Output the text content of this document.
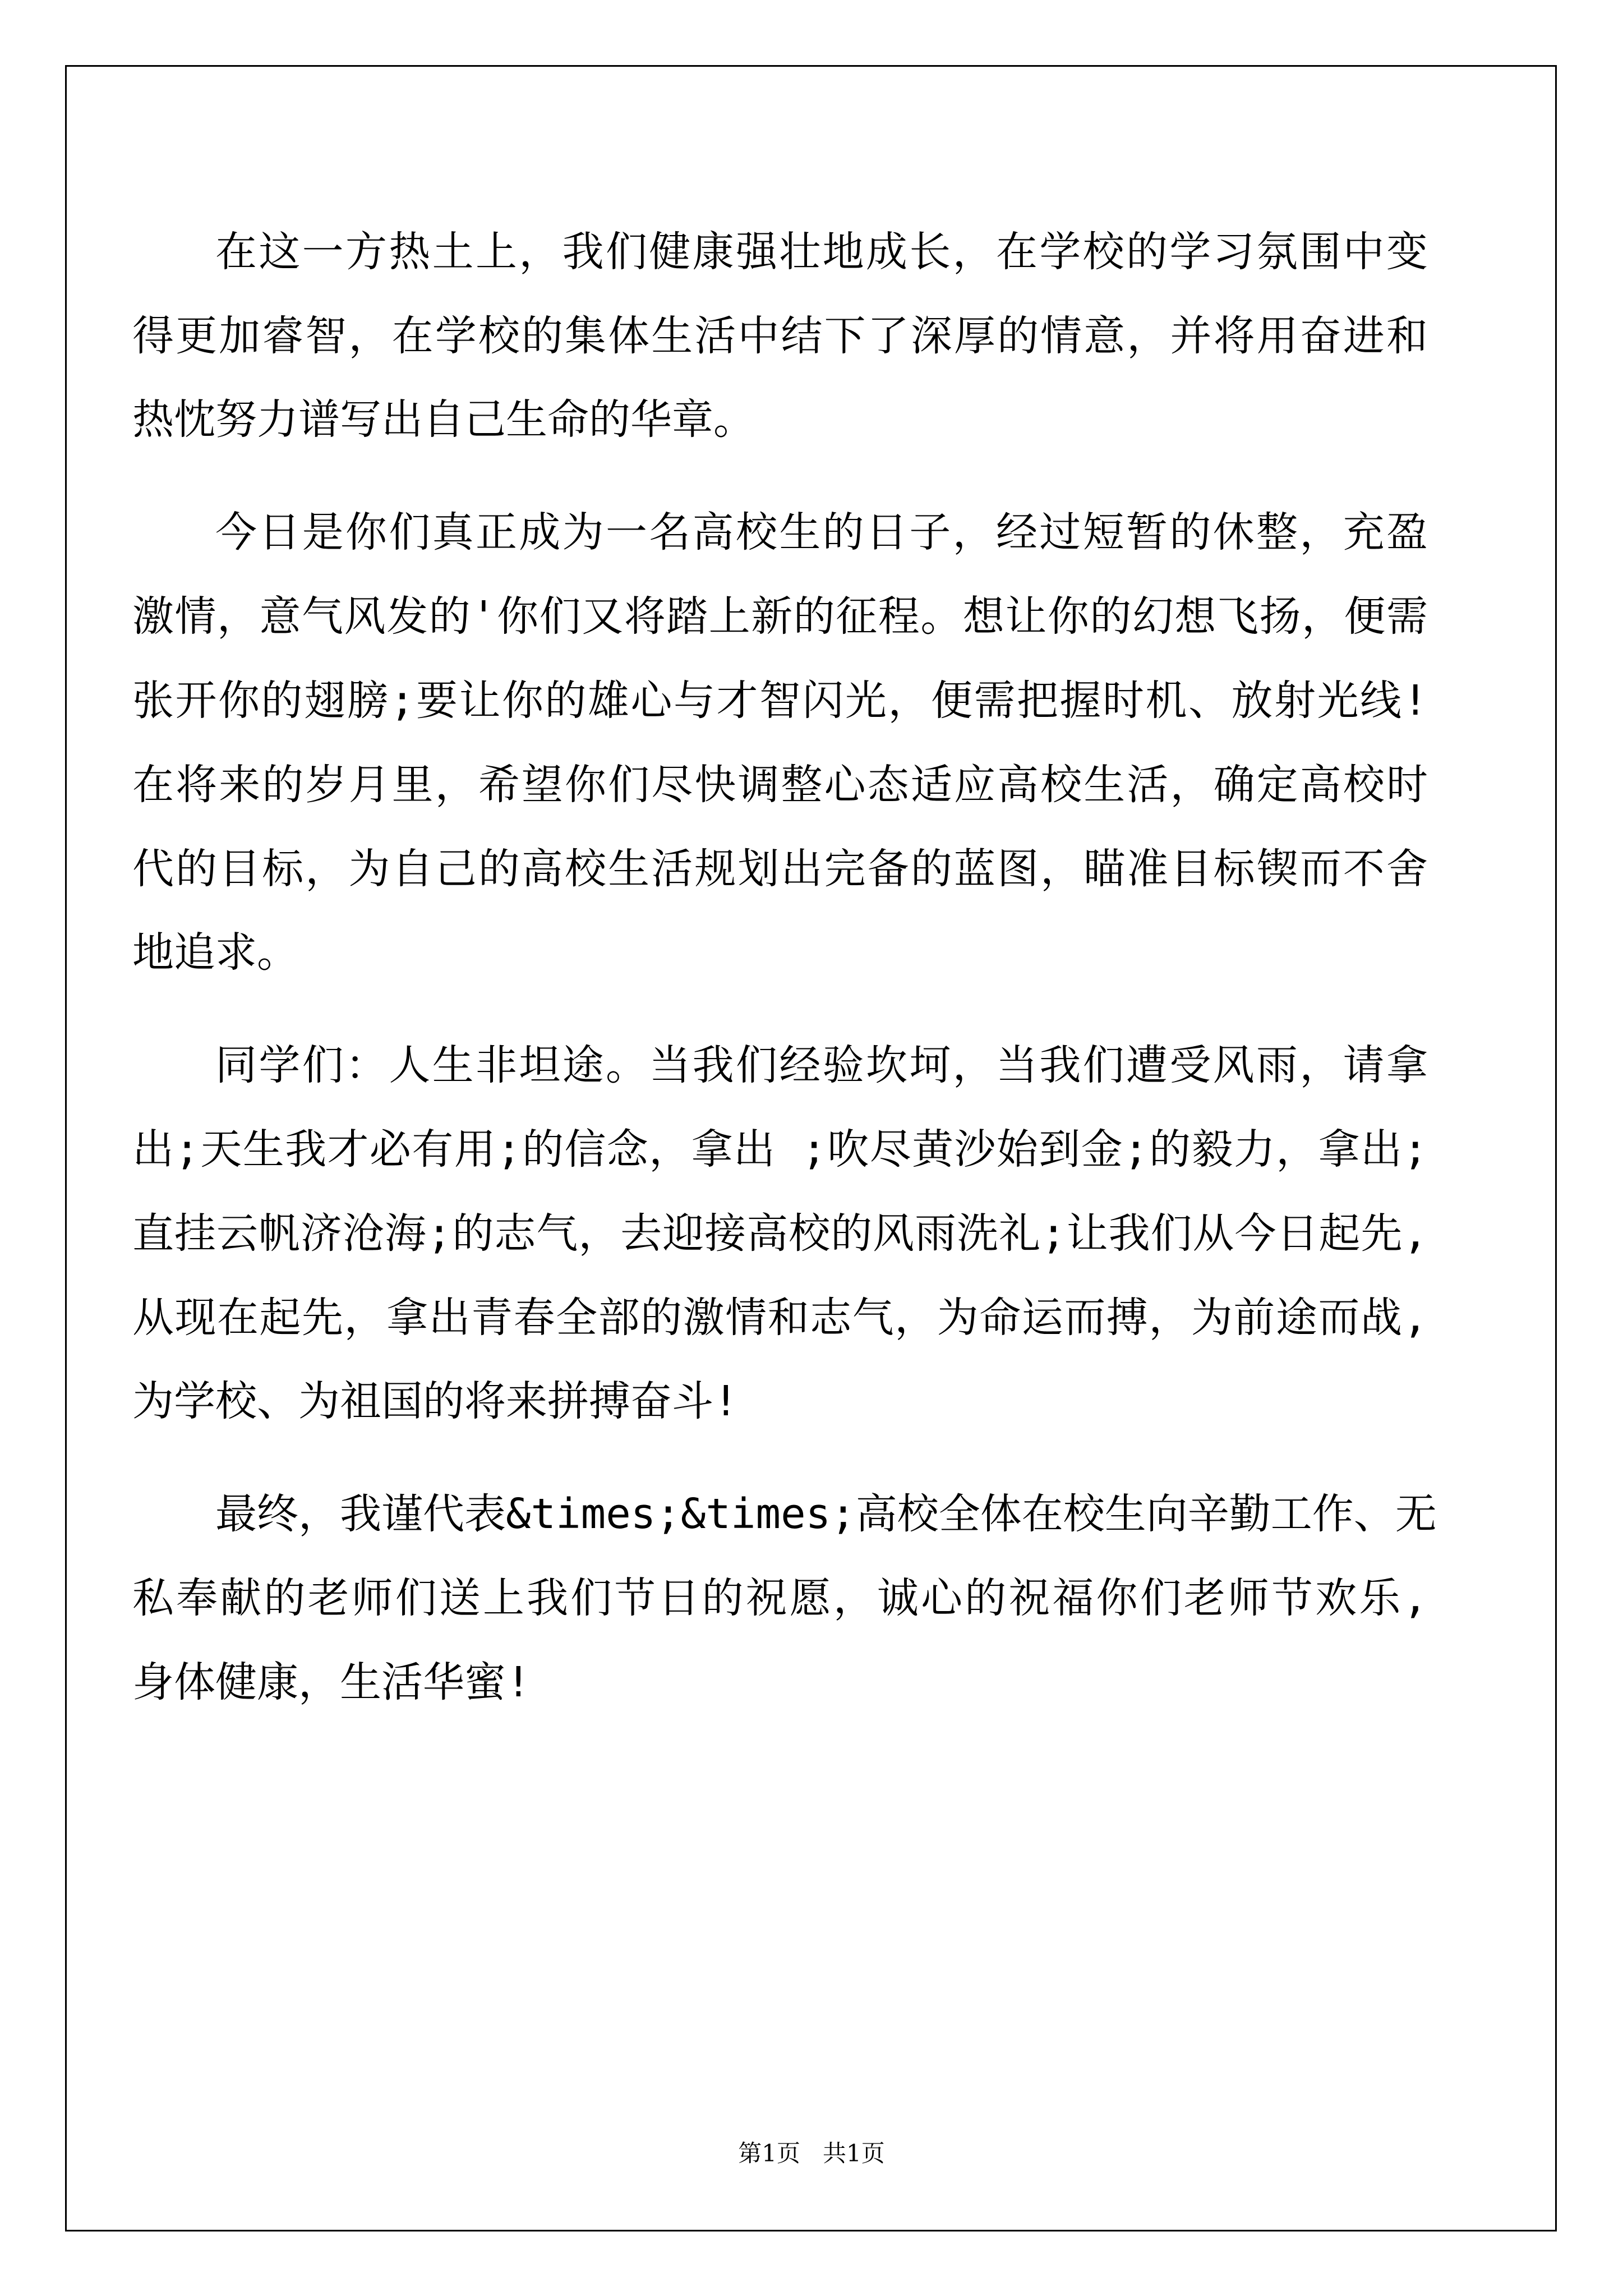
在这一方热土上，我们健康强壮地成长，在学校的学习氛围中变
得更加睿智，在学校的集体生活中结下了深厚的情意，并将用奋进和
热忱努力谱写出自己生命的华章。
今日是你们真正成为一名高校生的日子，经过短暂的休整，充盈
激情，意气风发的'你们又将踏上新的征程。想让你的幻想飞扬，便需
张开你的翅膀;要让你的雄心与才智闪光，便需把握时机、放射光线!
在将来的岁月里，希望你们尽快调整心态适应高校生活，确定高校时
代的目标，为自己的高校生活规划出完备的蓝图，瞄准目标锲而不舍
地追求。
同学们：人生非坦途。当我们经验坎坷，当我们遭受风雨，请拿
出;天生我才必有用;的信念，拿出 ;吹尽黄沙始到金;的毅力，拿出;
直挂云帆济沧海;的志气，去迎接高校的风雨洗礼;让我们从今日起先,
从现在起先，拿出青春全部的激情和志气，为命运而搏，为前途而战,
为学校、为祖国的将来拼搏奋斗!
最终，我谨代表&times;&times;高校全体在校生向辛勤工作、无
私奉献的老师们送上我们节日的祝愿，诚心的祝福你们老师节欢乐,
身体健康，生活华蜜!
第1页   共1页
